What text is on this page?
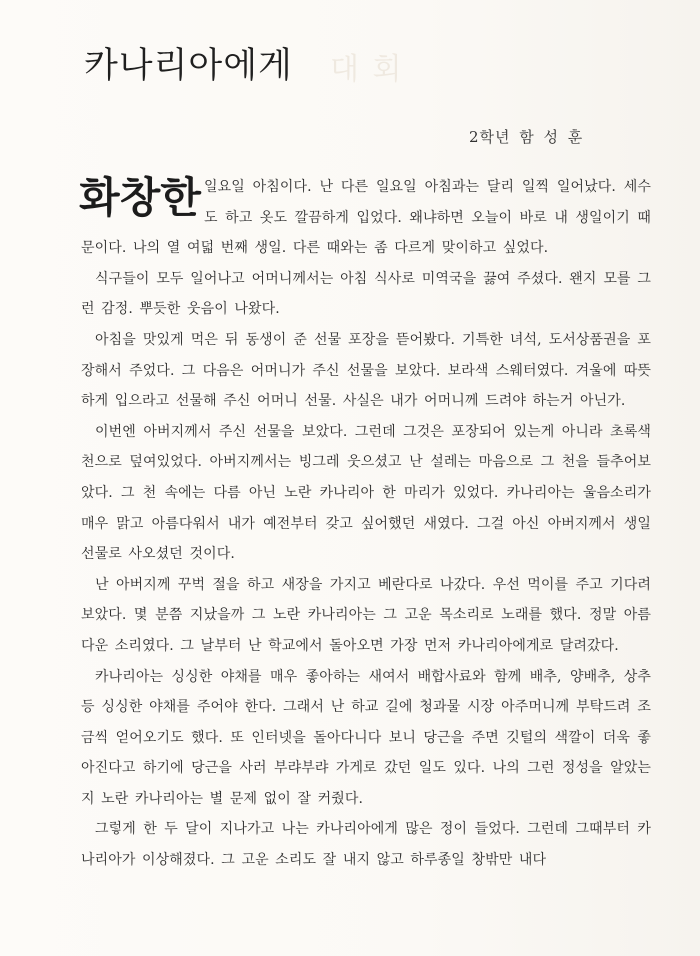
대 회
카나리아에게
2학년 함 성 훈

화창한 일요일 아침이다. 난 다른 일요일 아침과는 달리 일찍 일어났다. 세수도 하고 옷도 깔끔하게 입었다. 왜냐하면 오늘이 바로 내 생일이기 때문이다. 나의 열 여덟 번째 생일. 다른 때와는 좀 다르게 맞이하고 싶었다.

식구들이 모두 일어나고 어머니께서는 아침 식사로 미역국을 끓여 주셨다. 왠지 모를 그런 감정. 뿌듯한 웃음이 나왔다.

아침을 맛있게 먹은 뒤 동생이 준 선물 포장을 뜯어봤다. 기특한 녀석, 도서상품권을 포장해서 주었다. 그 다음은 어머니가 주신 선물을 보았다. 보라색 스웨터였다. 겨울에 따뜻하게 입으라고 선물해 주신 어머니 선물. 사실은 내가 어머니께 드려야 하는거 아닌가.

이번엔 아버지께서 주신 선물을 보았다. 그런데 그것은 포장되어 있는게 아니라 초록색 천으로 덮여있었다. 아버지께서는 빙그레 웃으셨고 난 설레는 마음으로 그 천을 들추어보았다. 그 천 속에는 다름 아닌 노란 카나리아 한 마리가 있었다. 카나리아는 울음소리가 매우 맑고 아름다워서 내가 예전부터 갖고 싶어했던 새였다. 그걸 아신 아버지께서 생일 선물로 사오셨던 것이다.

난 아버지께 꾸벅 절을 하고 새장을 가지고 베란다로 나갔다. 우선 먹이를 주고 기다려 보았다. 몇 분쯤 지났을까 그 노란 카나리아는 그 고운 목소리로 노래를 했다. 정말 아름다운 소리였다. 그 날부터 난 학교에서 돌아오면 가장 먼저 카나리아에게로 달려갔다.

카나리아는 싱싱한 야채를 매우 좋아하는 새여서 배합사료와 함께 배추, 양배추, 상추 등 싱싱한 야채를 주어야 한다. 그래서 난 하교 길에 청과물 시장 아주머니께 부탁드려 조금씩 얻어오기도 했다. 또 인터넷을 돌아다니다 보니 당근을 주면 깃털의 색깔이 더욱 좋아진다고 하기에 당근을 사러 부랴부랴 가게로 갔던 일도 있다. 나의 그런 정성을 알았는지 노란 카나리아는 별 문제 없이 잘 커줬다.

그렇게 한 두 달이 지나가고 나는 카나리아에게 많은 정이 들었다. 그런데 그때부터 카나리아가 이상해졌다. 그 고운 소리도 잘 내지 않고 하루종일 창밖만 내다
